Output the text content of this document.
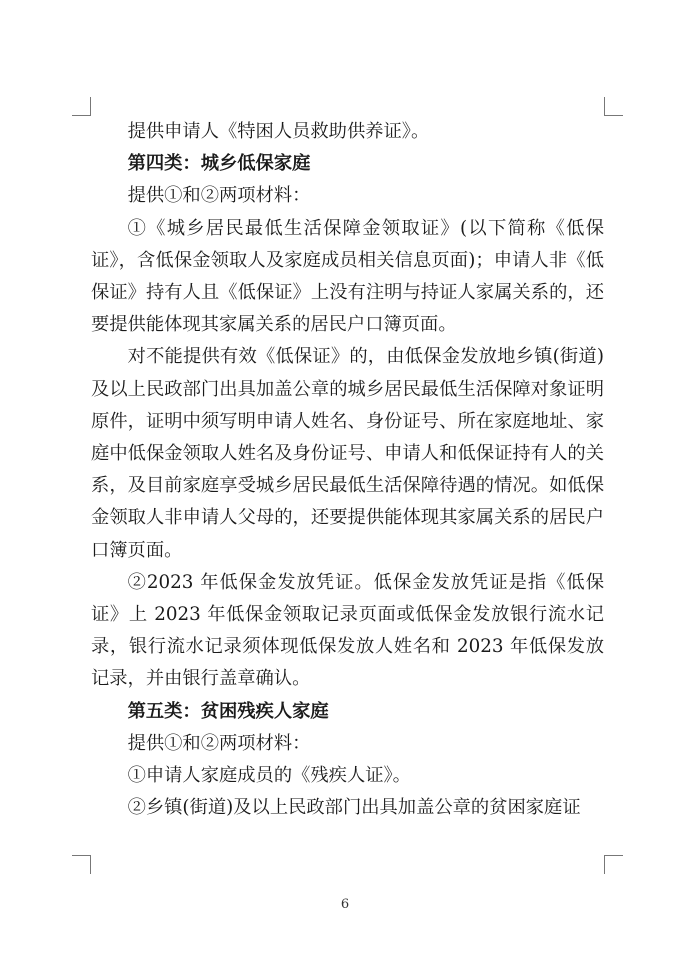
提供申请人《特困人员救助供养证》。

第四类：城乡低保家庭

提供①和②两项材料：

①《城乡居民最低生活保障金领取证》(以下简称《低保证》，含低保金领取人及家庭成员相关信息页面)；申请人非《低保证》持有人且《低保证》上没有注明与持证人家属关系的，还要提供能体现其家属关系的居民户口簿页面。

对不能提供有效《低保证》的，由低保金发放地乡镇(街道)及以上民政部门出具加盖公章的城乡居民最低生活保障对象证明原件，证明中须写明申请人姓名、身份证号、所在家庭地址、家庭中低保金领取人姓名及身份证号、申请人和低保证持有人的关系，及目前家庭享受城乡居民最低生活保障待遇的情况。如低保金领取人非申请人父母的，还要提供能体现其家属关系的居民户口簿页面。

②2023 年低保金发放凭证。低保金发放凭证是指《低保证》上 2023 年低保金领取记录页面或低保金发放银行流水记录，银行流水记录须体现低保发放人姓名和 2023 年低保发放记录，并由银行盖章确认。

第五类：贫困残疾人家庭

提供①和②两项材料：

①申请人家庭成员的《残疾人证》。

②乡镇(街道)及以上民政部门出具加盖公章的贫困家庭证

6
